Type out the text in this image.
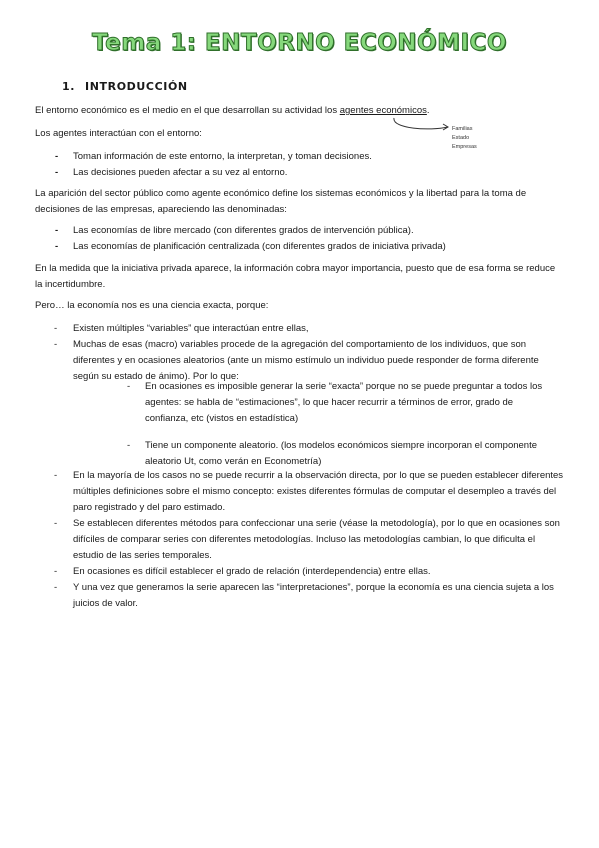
Tema 1: ENTORNO ECONÓMICO
1. INTRODUCCIÓN
El entorno económico es el medio en el que desarrollan su actividad los agentes económicos.
Familias
Estado
Empresas
Los agentes interactúan con el entorno:
- Toman información de este entorno, la interpretan, y toman decisiones.
- Las decisiones pueden afectar a su vez al entorno.
La aparición del sector público como agente económico define los sistemas económicos y la libertad para la toma de decisiones de las empresas, apareciendo las denominadas:
- Las economías de libre mercado (con diferentes grados de intervención pública).
- Las economías de planificación centralizada (con diferentes grados de iniciativa privada)
En la medida que la iniciativa privada aparece, la información cobra mayor importancia, puesto que de esa forma se reduce la incertidumbre.
Pero… la economía nos es una ciencia exacta, porque:
- Existen múltiples “variables” que interactúan entre ellas,
- Muchas de esas (macro) variables procede de la agregación del comportamiento de los individuos, que son diferentes y en ocasiones aleatorios (ante un mismo estímulo un individuo puede responder de forma diferente según su estado de ánimo). Por lo que:
- En ocasiones es imposible generar la serie “exacta” porque no se puede preguntar a todos los agentes: se habla de “estimaciones”, lo que hacer recurrir a términos de error, grado de confianza, etc (vistos en estadística)
- Tiene un componente aleatorio. (los modelos económicos siempre incorporan el componente aleatorio Ut, como verán en Econometría)
- En la mayoría de los casos no se puede recurrir a la observación directa, por lo que se pueden establecer diferentes múltiples definiciones sobre el mismo concepto: existes diferentes fórmulas de computar el desempleo a través del paro registrado y del paro estimado.
- Se establecen diferentes métodos para confeccionar una serie (véase la metodología), por lo que en ocasiones son difíciles de comparar series con diferentes metodologías. Incluso las metodologías cambian, lo que dificulta el estudio de las series temporales.
- En ocasiones es difícil establecer el grado de relación (interdependencia) entre ellas.
- Y una vez que generamos la serie aparecen las “interpretaciones”, porque la economía es una ciencia sujeta a los juicios de valor.
